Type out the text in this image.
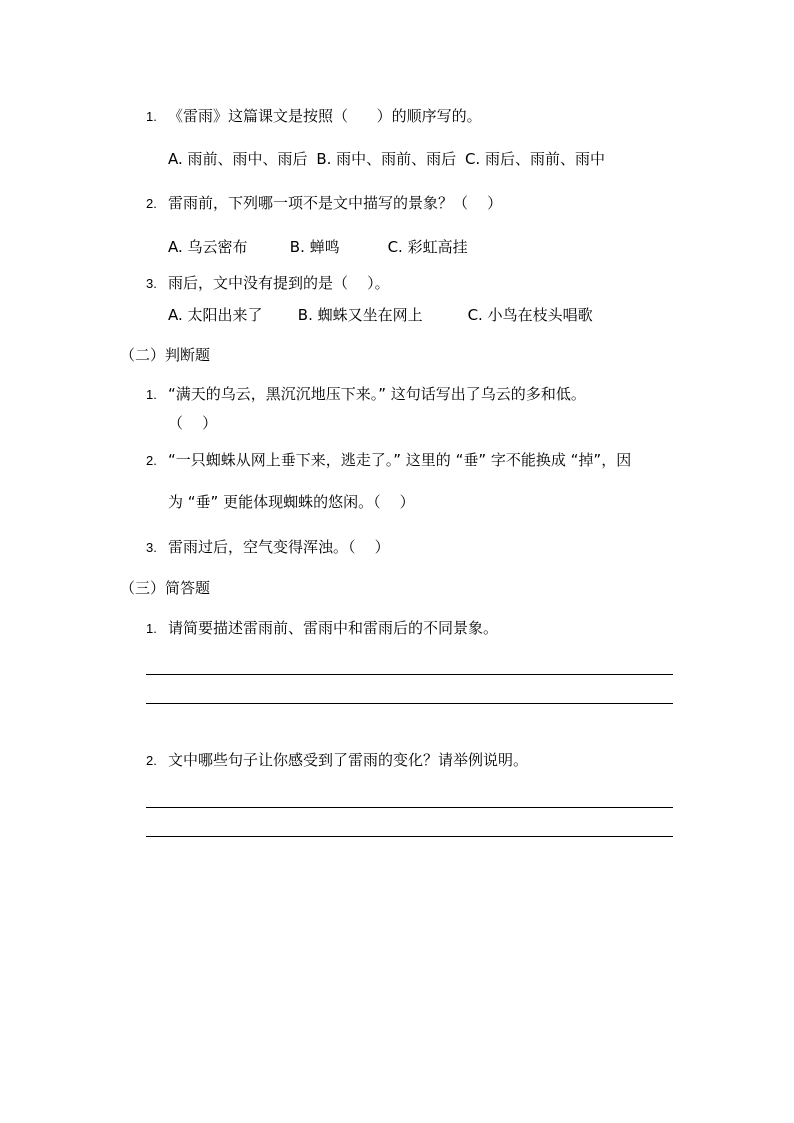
1. 《雷雨》这篇课文是按照（      ）的顺序写的。
A. 雨前、雨中、雨后 B. 雨中、雨前、雨后 C. 雨后、雨前、雨中
2. 雷雨前，下列哪一项不是文中描写的景象？（    ）
A. 乌云密布	B. 蝉鸣	C. 彩虹高挂
3. 雨后，文中没有提到的是（    ）。
A. 太阳出来了 B. 蜘蛛又坐在网上	C. 小鸟在枝头唱歌
（二）判断题
1. “满天的乌云，黑沉沉地压下来。” 这句话写出了乌云的多和低。
（    ）
2. “一只蜘蛛从网上垂下来，逃走了。” 这里的 “垂” 字不能换成 “掉”，因
为 “垂” 更能体现蜘蛛的悠闲。（    ）
3. 雷雨过后，空气变得浑浊。（    ）
（三）简答题
1. 请简要描述雷雨前、雷雨中和雷雨后的不同景象。
2. 文中哪些句子让你感受到了雷雨的变化？请举例说明。
